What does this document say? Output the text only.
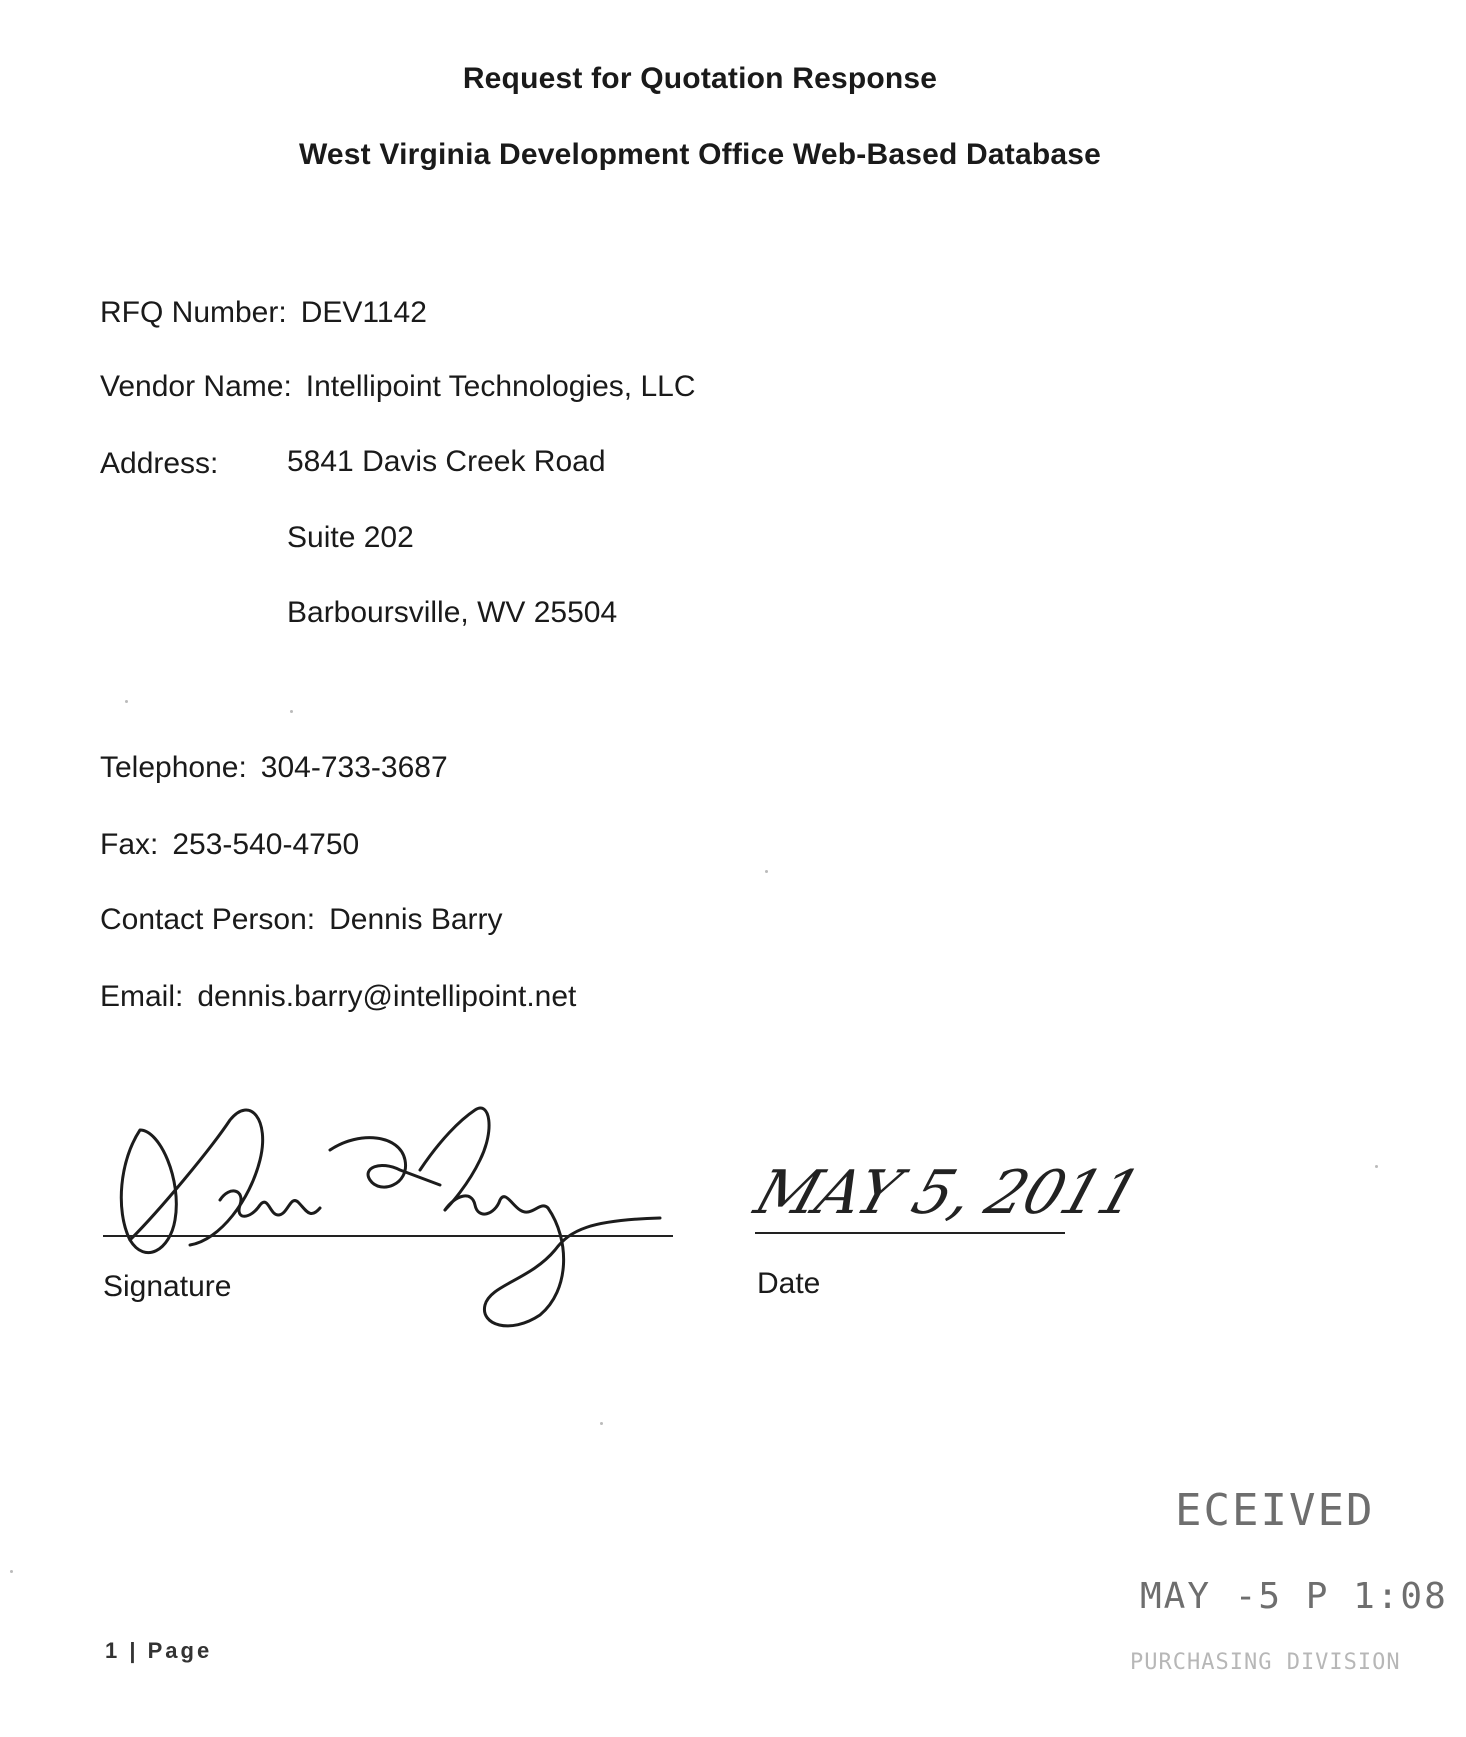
Request for Quotation Response
West Virginia Development Office Web-Based Database
RFQ Number: DEV1142
Vendor Name: Intellipoint Technologies, LLC
Address: 5841 Davis Creek Road
Suite 202
Barboursville, WV 25504
Telephone: 304-733-3687
Fax: 253-540-4750
Contact Person: Dennis Barry
Email: dennis.barry@intellipoint.net
Signature
MAY 5, 2011
Date
ECEIVED
MAY -5 P 1:08
PURCHASING DIVISION
1 | Page
